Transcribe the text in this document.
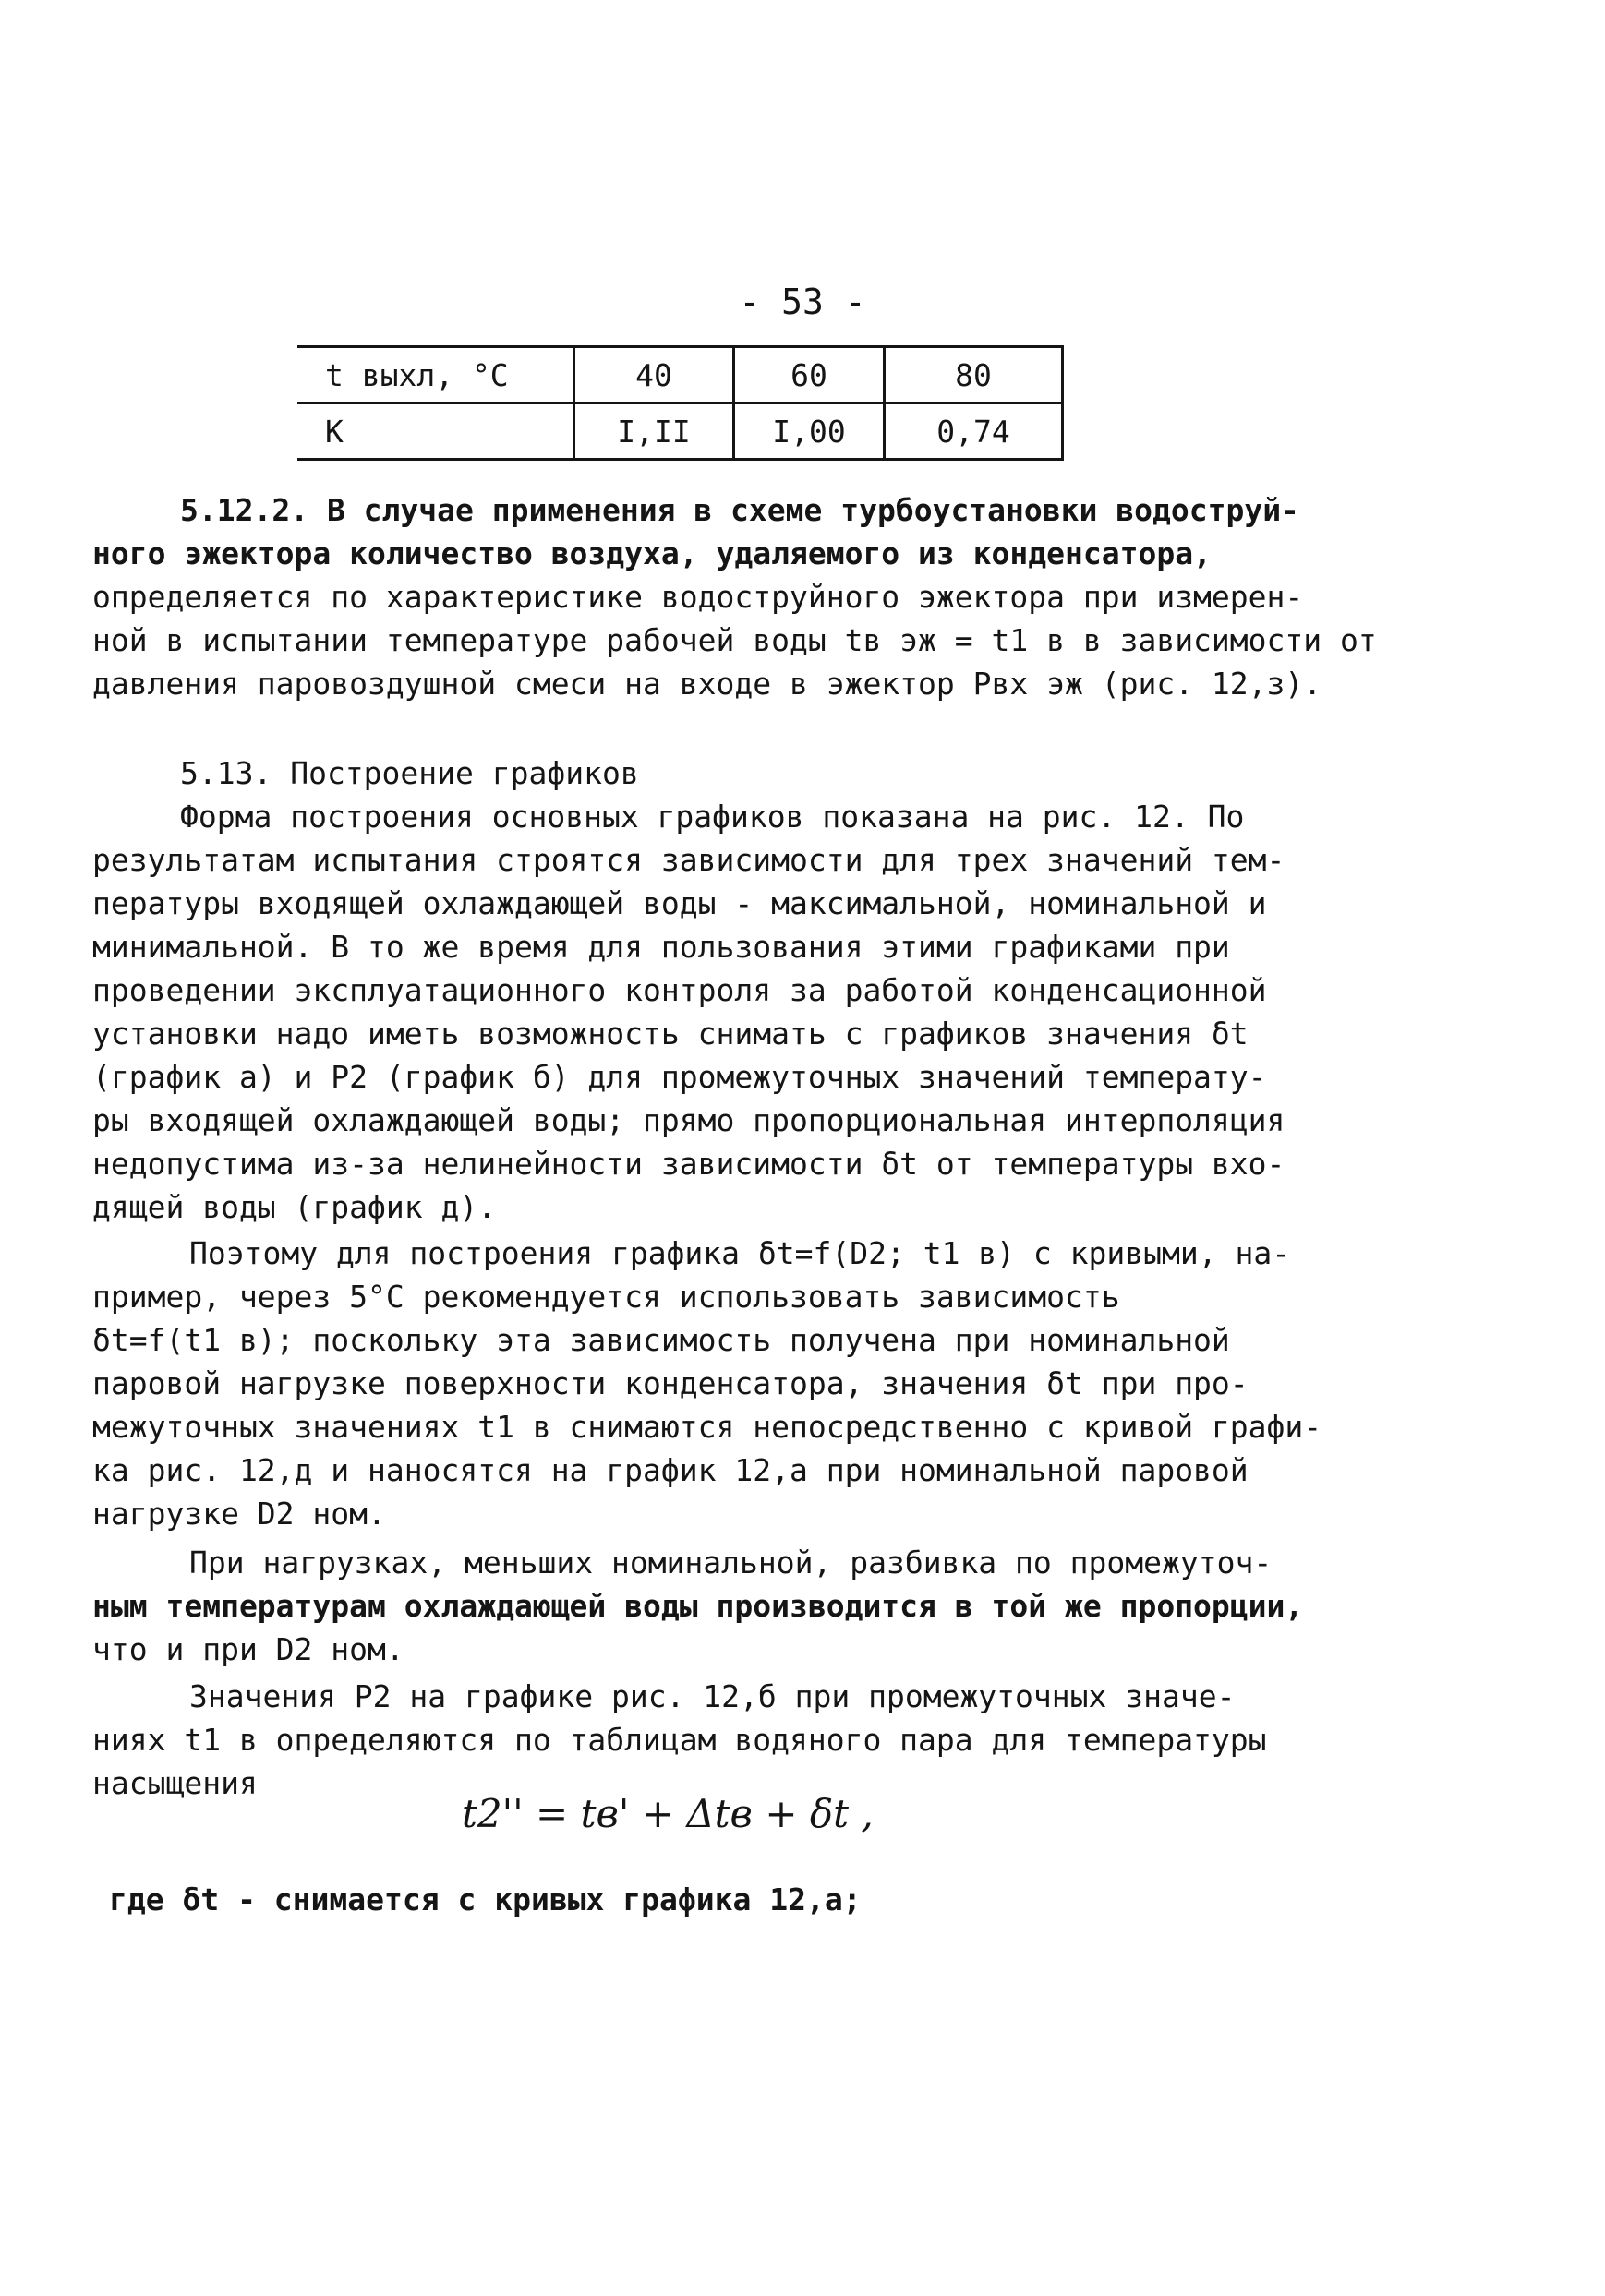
- 53 -
t выхл, °C	40	60	80
К	I,II	I,00	0,74
5.12.2. В случае применения в схеме турбоустановки водоструй-
ного эжектора количество воздуха, удаляемого из конденсатора,
определяется по характеристике водоструйного эжектора при измерен-
ной в испытании температуре рабочей воды tв эж = t1 в в зависимости от
давления паровоздушной смеси на входе в эжектор Pвх эж (рис. 12,з).
5.13. Построение графиков
Форма построения основных графиков показана на рис. 12. По
результатам испытания строятся зависимости для трех значений тем-
пературы входящей охлаждающей воды - максимальной, номинальной и
минимальной. В то же время для пользования этими графиками при
проведении эксплуатационного контроля за работой конденсационной
установки надо иметь возможность снимать с графиков значения δt
(график а) и P2 (график б) для промежуточных значений температу-
ры входящей охлаждающей воды; прямо пропорциональная интерполяция
недопустима из-за нелинейности зависимости δt от температуры вхо-
дящей воды (график д).
Поэтому для построения графика δt=f(D2; t1 в) с кривыми, на-
пример, через 5°С рекомендуется использовать зависимость
δt=f(t1 в); поскольку эта зависимость получена при номинальной
паровой нагрузке поверхности конденсатора, значения δt при про-
межуточных значениях t1 в снимаются непосредственно с кривой графи-
ка рис. 12,д и наносятся на график 12,а при номинальной паровой
нагрузке D2 ном.
При нагрузках, меньших номинальной, разбивка по промежуточ-
ным температурам охлаждающей воды производится в той же пропорции,
что и при D2 ном.
Значения P2 на графике рис. 12,б при промежуточных значе-
ниях t1 в определяются по таблицам водяного пара для температуры
насыщения
t2'' = tв' + Δtв + δt ,
где δt - снимается с кривых графика 12,а;
